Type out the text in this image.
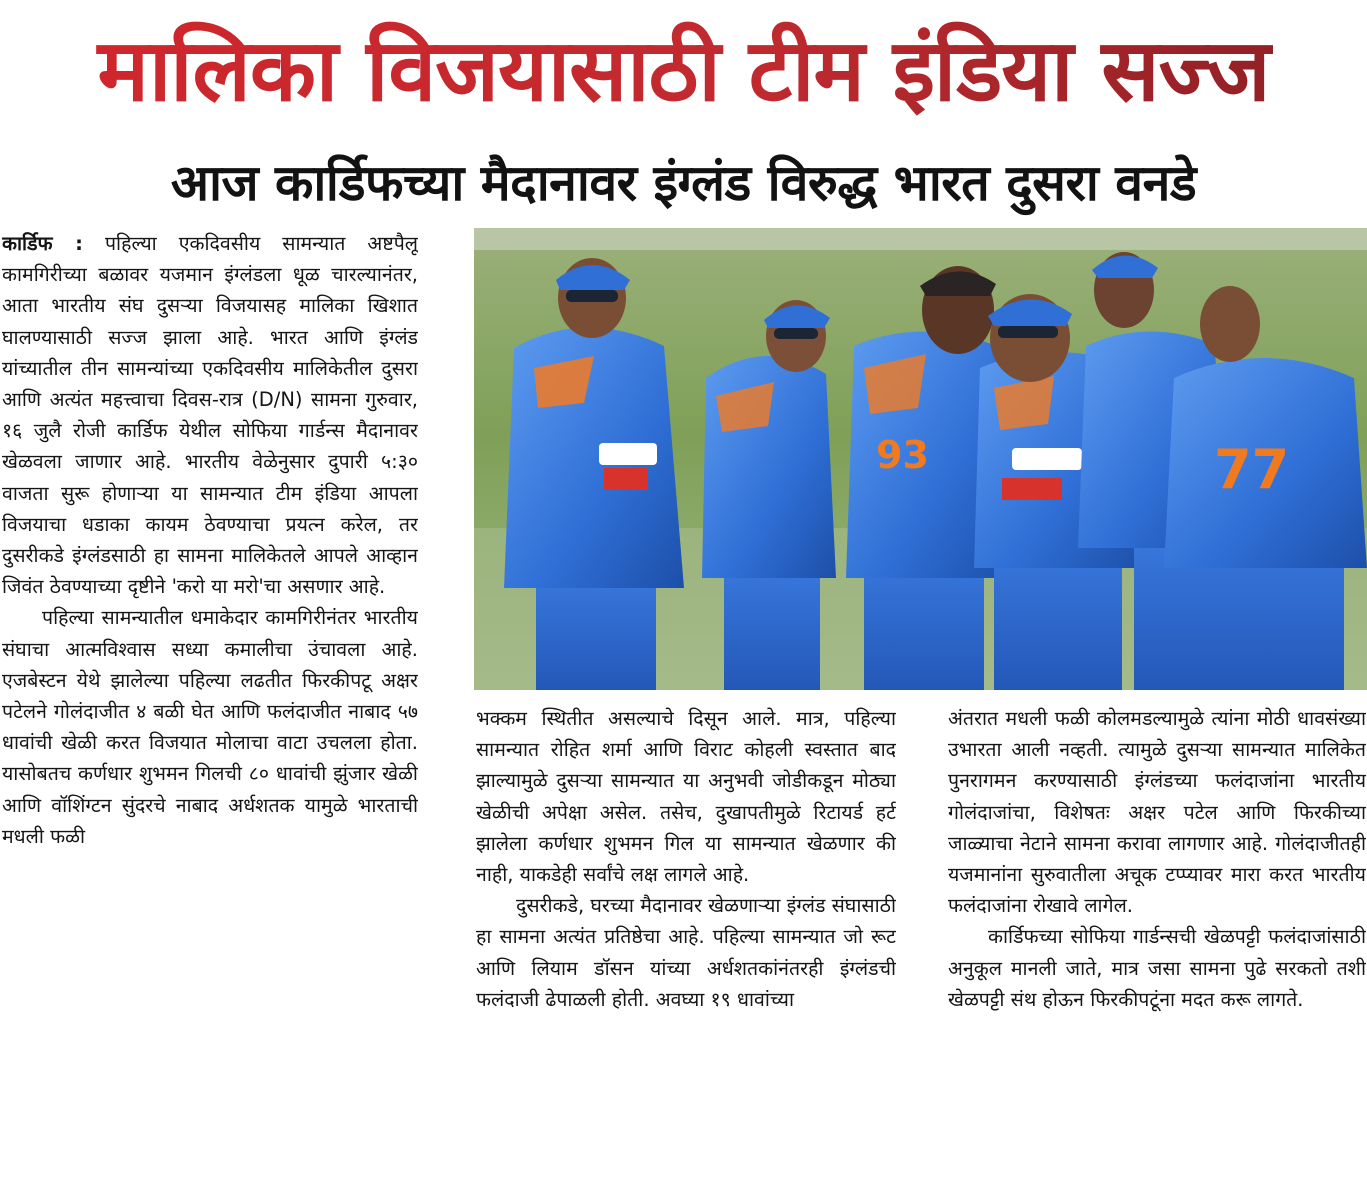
मालिका विजयासाठी टीम इंडिया सज्ज
आज कार्डिफच्या मैदानावर इंग्लंड विरुद्ध भारत दुसरा वनडे

कार्डिफ : पहिल्या एकदिवसीय सामन्यात अष्टपैलू कामगिरीच्या बळावर यजमान इंग्लंडला धूळ चारल्यानंतर, आता भारतीय संघ दुसऱ्या विजयासह मालिका खिशात घालण्यासाठी सज्ज झाला आहे. भारत आणि इंग्लंड यांच्यातील तीन सामन्यांच्या एकदिवसीय मालिकेतील दुसरा आणि अत्यंत महत्त्वाचा दिवस-रात्र (D/N) सामना गुरुवार, १६ जुलै रोजी कार्डिफ येथील सोफिया गार्डन्स मैदानावर खेळवला जाणार आहे. भारतीय वेळेनुसार दुपारी ५:३० वाजता सुरू होणाऱ्या या सामन्यात टीम इंडिया आपला विजयाचा धडाका कायम ठेवण्याचा प्रयत्न करेल, तर दुसरीकडे इंग्लंडसाठी हा सामना मालिकेतले आपले आव्हान जिवंत ठेवण्याच्या दृष्टीने 'करो या मरो'चा असणार आहे.

पहिल्या सामन्यातील धमाकेदार कामगिरीनंतर भारतीय संघाचा आत्मविश्वास सध्या कमालीचा उंचावला आहे. एजबेस्टन येथे झालेल्या पहिल्या लढतीत फिरकीपटू अक्षर पटेलने गोलंदाजीत ४ बळी घेत आणि फलंदाजीत नाबाद ५७ धावांची खेळी करत विजयात मोलाचा वाटा उचलला होता. यासोबतच कर्णधार शुभमन गिलची ८० धावांची झुंजार खेळी आणि वॉशिंग्टन सुंदरचे नाबाद अर्धशतक यामुळे भारताची मधली फळी

93	77

भक्कम स्थितीत असल्याचे दिसून आले. मात्र, पहिल्या सामन्यात रोहित शर्मा आणि विराट कोहली स्वस्तात बाद झाल्यामुळे दुसऱ्या सामन्यात या अनुभवी जोडीकडून मोठ्या खेळीची अपेक्षा असेल. तसेच, दुखापतीमुळे रिटायर्ड हर्ट झालेला कर्णधार शुभमन गिल या सामन्यात खेळणार की नाही, याकडेही सर्वांचे लक्ष लागले आहे.

दुसरीकडे, घरच्या मैदानावर खेळणाऱ्या इंग्लंड संघासाठी हा सामना अत्यंत प्रतिष्ठेचा आहे. पहिल्या सामन्यात जो रूट आणि लियाम डॉसन यांच्या अर्धशतकांनंतरही इंग्लंडची फलंदाजी ढेपाळली होती. अवघ्या १९ धावांच्या

अंतरात मधली फळी कोलमडल्यामुळे त्यांना मोठी धावसंख्या उभारता आली नव्हती. त्यामुळे दुसऱ्या सामन्यात मालिकेत पुनरागमन करण्यासाठी इंग्लंडच्या फलंदाजांना भारतीय गोलंदाजांचा, विशेषतः अक्षर पटेल आणि फिरकीच्या जाळ्याचा नेटाने सामना करावा लागणार आहे. गोलंदाजीतही यजमानांना सुरुवातीला अचूक टप्प्यावर मारा करत भारतीय फलंदाजांना रोखावे लागेल.

कार्डिफच्या सोफिया गार्डन्सची खेळपट्टी फलंदाजांसाठी अनुकूल मानली जाते, मात्र जसा सामना पुढे सरकतो तशी खेळपट्टी संथ होऊन फिरकीपटूंना मदत करू लागते.
